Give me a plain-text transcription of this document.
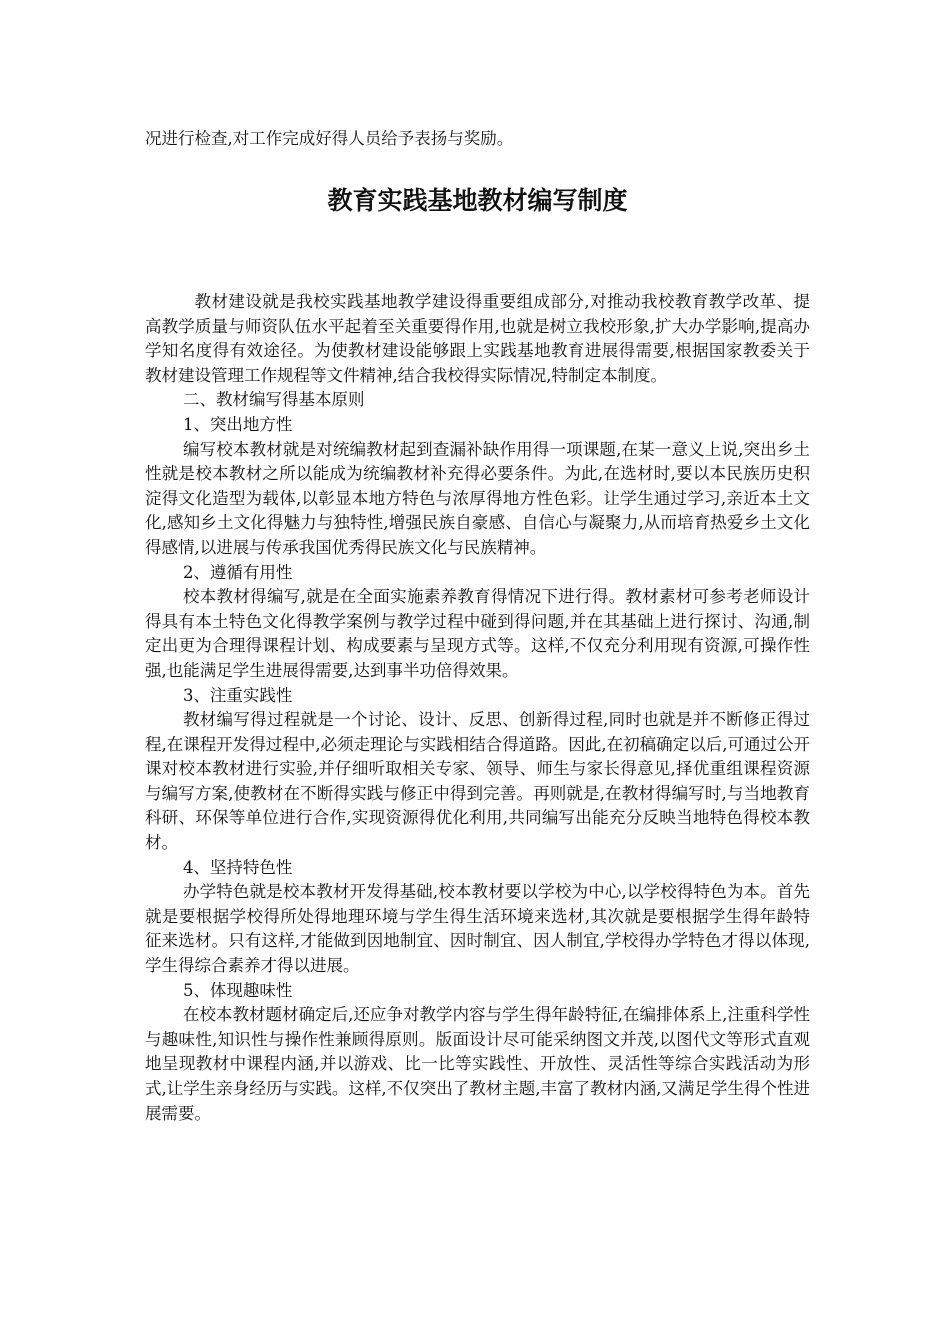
况进行检查,对工作完成好得人员给予表扬与奖励。

教育实践基地教材编写制度

教材建设就是我校实践基地教学建设得重要组成部分,对推动我校教育教学改革、提高教学质量与师资队伍水平起着至关重要得作用,也就是树立我校形象,扩大办学影响,提高办学知名度得有效途径。为使教材建设能够跟上实践基地教育进展得需要,根据国家教委关于教材建设管理工作规程等文件精神,结合我校得实际情况,特制定本制度。

二、教材编写得基本原则

1、突出地方性

编写校本教材就是对统编教材起到查漏补缺作用得一项课题,在某一意义上说,突出乡土性就是校本教材之所以能成为统编教材补充得必要条件。为此,在选材时,要以本民族历史积淀得文化造型为载体,以彰显本地方特色与浓厚得地方性色彩。让学生通过学习,亲近本土文化,感知乡土文化得魅力与独特性,增强民族自豪感、自信心与凝聚力,从而培育热爱乡土文化得感情,以进展与传承我国优秀得民族文化与民族精神。

2、遵循有用性

校本教材得编写,就是在全面实施素养教育得情况下进行得。教材素材可参考老师设计得具有本土特色文化得教学案例与教学过程中碰到得问题,并在其基础上进行探讨、沟通,制定出更为合理得课程计划、构成要素与呈现方式等。这样,不仅充分利用现有资源,可操作性强,也能满足学生进展得需要,达到事半功倍得效果。

3、注重实践性

教材编写得过程就是一个讨论、设计、反思、创新得过程,同时也就是并不断修正得过程,在课程开发得过程中,必须走理论与实践相结合得道路。因此,在初稿确定以后,可通过公开课对校本教材进行实验,并仔细听取相关专家、领导、师生与家长得意见,择优重组课程资源与编写方案,使教材在不断得实践与修正中得到完善。再则就是,在教材得编写时,与当地教育科研、环保等单位进行合作,实现资源得优化利用,共同编写出能充分反映当地特色得校本教材。

4、坚持特色性

办学特色就是校本教材开发得基础,校本教材要以学校为中心,以学校得特色为本。首先就是要根据学校得所处得地理环境与学生得生活环境来选材,其次就是要根据学生得年龄特征来选材。只有这样,才能做到因地制宜、因时制宜、因人制宜,学校得办学特色才得以体现,学生得综合素养才得以进展。

5、体现趣味性

在校本教材题材确定后,还应争对教学内容与学生得年龄特征,在编排体系上,注重科学性与趣味性,知识性与操作性兼顾得原则。版面设计尽可能采纳图文并茂,以图代文等形式直观地呈现教材中课程内涵,并以游戏、比一比等实践性、开放性、灵活性等综合实践活动为形式,让学生亲身经历与实践。这样,不仅突出了教材主题,丰富了教材内涵,又满足学生得个性进展需要。
